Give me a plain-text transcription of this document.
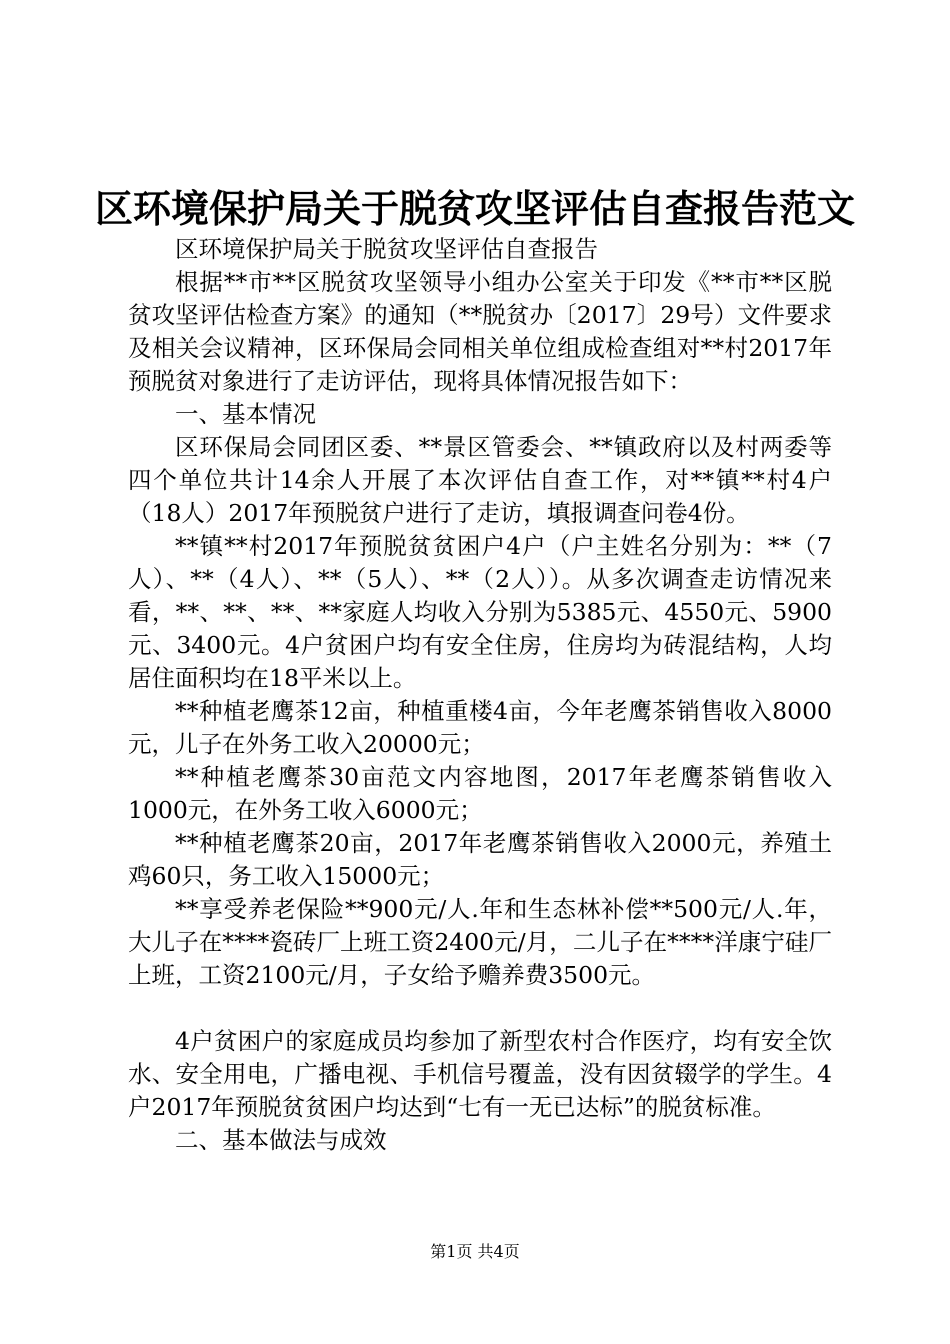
区环境保护局关于脱贫攻坚评估自查报告范文

区环境保护局关于脱贫攻坚评估自查报告

根据**市**区脱贫攻坚领导小组办公室关于印发《**市**区脱贫攻坚评估检查方案》的通知（**脱贫办〔2017〕29号）文件要求及相关会议精神，区环保局会同相关单位组成检查组对**村2017年预脱贫对象进行了走访评估，现将具体情况报告如下：

一、基本情况

区环保局会同团区委、**景区管委会、**镇政府以及村两委等四个单位共计14余人开展了本次评估自查工作，对**镇**村4户（18人）2017年预脱贫户进行了走访，填报调查问卷4份。

**镇**村2017年预脱贫贫困户4户（户主姓名分别为：**（7人）、**（4人）、**（5人）、**（2人））。从多次调查走访情况来看，**、**、**、**家庭人均收入分别为5385元、4550元、5900元、3400元。4户贫困户均有安全住房，住房均为砖混结构，人均居住面积均在18平米以上。

**种植老鹰茶12亩，种植重楼4亩，今年老鹰茶销售收入8000元，儿子在外务工收入20000元；

**种植老鹰茶30亩范文内容地图，2017年老鹰茶销售收入1000元，在外务工收入6000元；

**种植老鹰茶20亩，2017年老鹰茶销售收入2000元，养殖土鸡60只，务工收入15000元；

**享受养老保险**900元/人.年和生态林补偿**500元/人.年，大儿子在****瓷砖厂上班工资2400元/月，二儿子在****洋康宁硅厂上班，工资2100元/月，子女给予赡养费3500元。

4户贫困户的家庭成员均参加了新型农村合作医疗，均有安全饮水、安全用电，广播电视、手机信号覆盖，没有因贫辍学的学生。4户2017年预脱贫贫困户均达到“七有一无已达标”的脱贫标准。

二、基本做法与成效

第1页 共4页
